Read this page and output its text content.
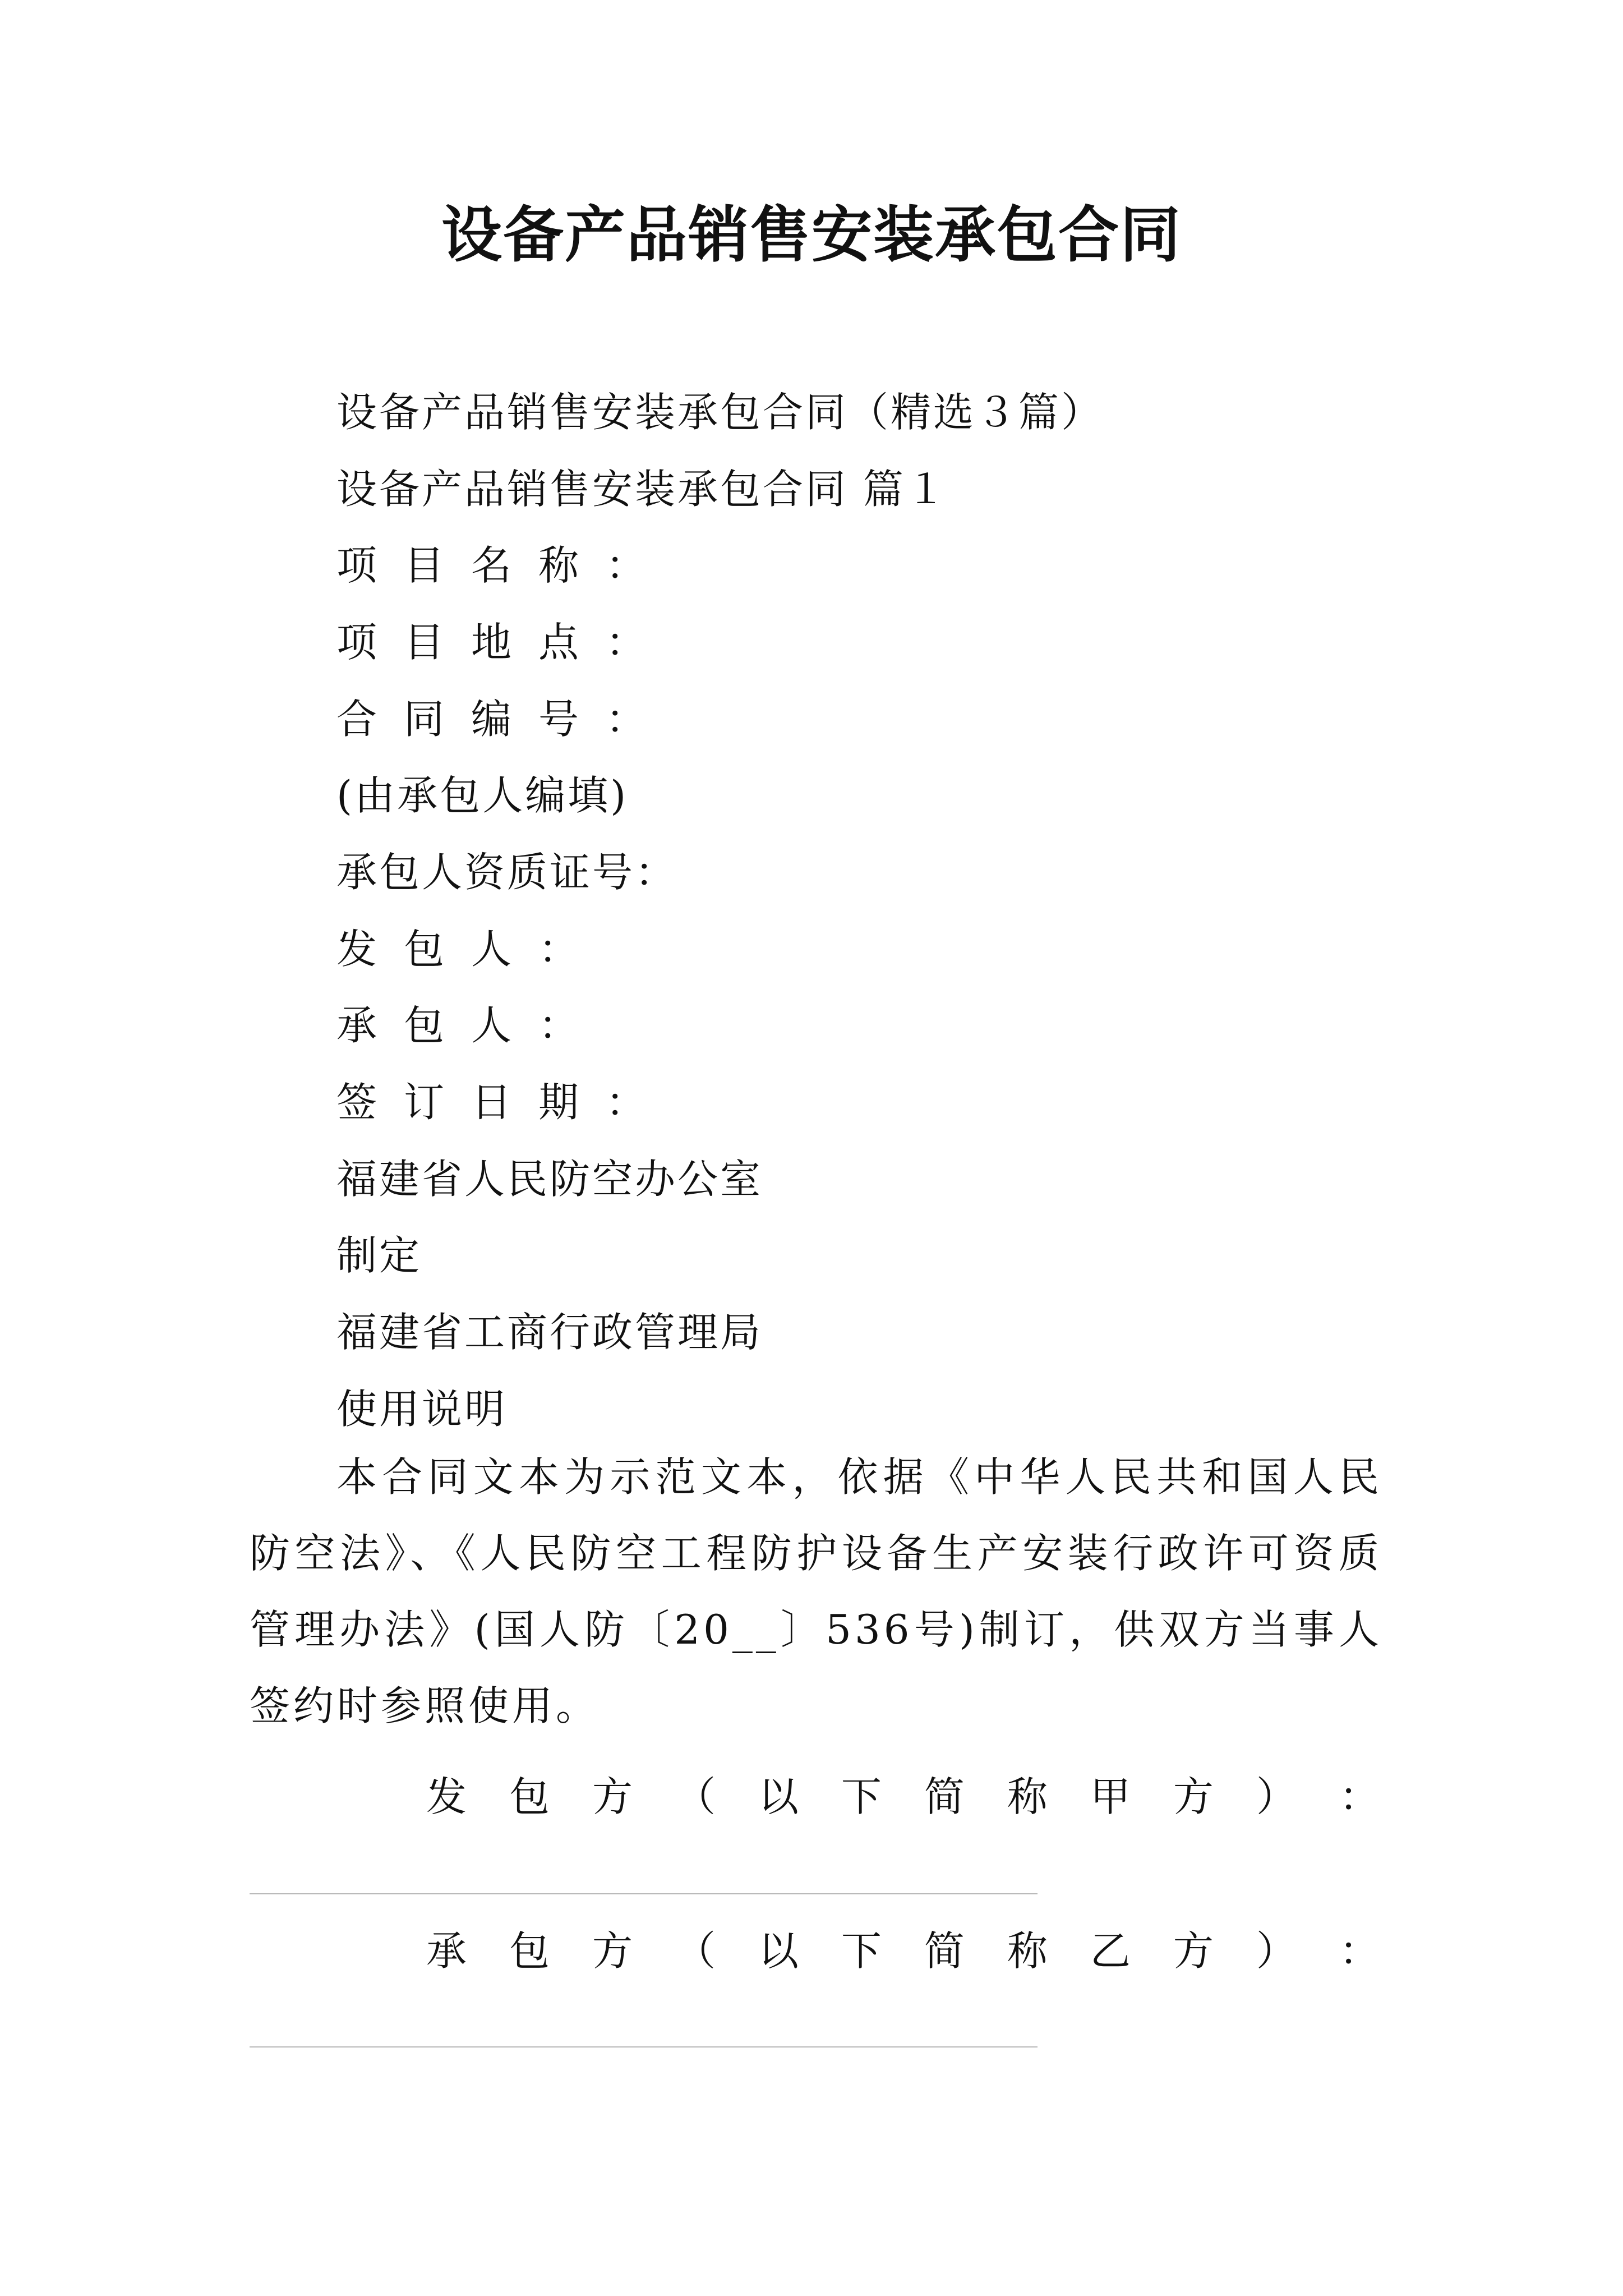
设备产品销售安装承包合同
设备产品销售安装承包合同（精选３篇）
设备产品销售安装承包合同 篇１
项目名称：
项目地点：
合同编号：
(由承包人编填)
承包人资质证号：
发包人：
承包人：
签订日期：
福建省人民防空办公室
制定
福建省工商行政管理局
使用说明
本合同文本为示范文本，依据《中华人民共和国人民防空法》、《人民防空工程防护设备生产安装行政许可资质管理办法》(国人防〔20__〕536号)制订，供双方当事人签约时参照使用。
发 包 方 （ 以 下 简 称 甲 方 ） ：
承 包 方 （ 以 下 简 称 乙 方 ） ：
